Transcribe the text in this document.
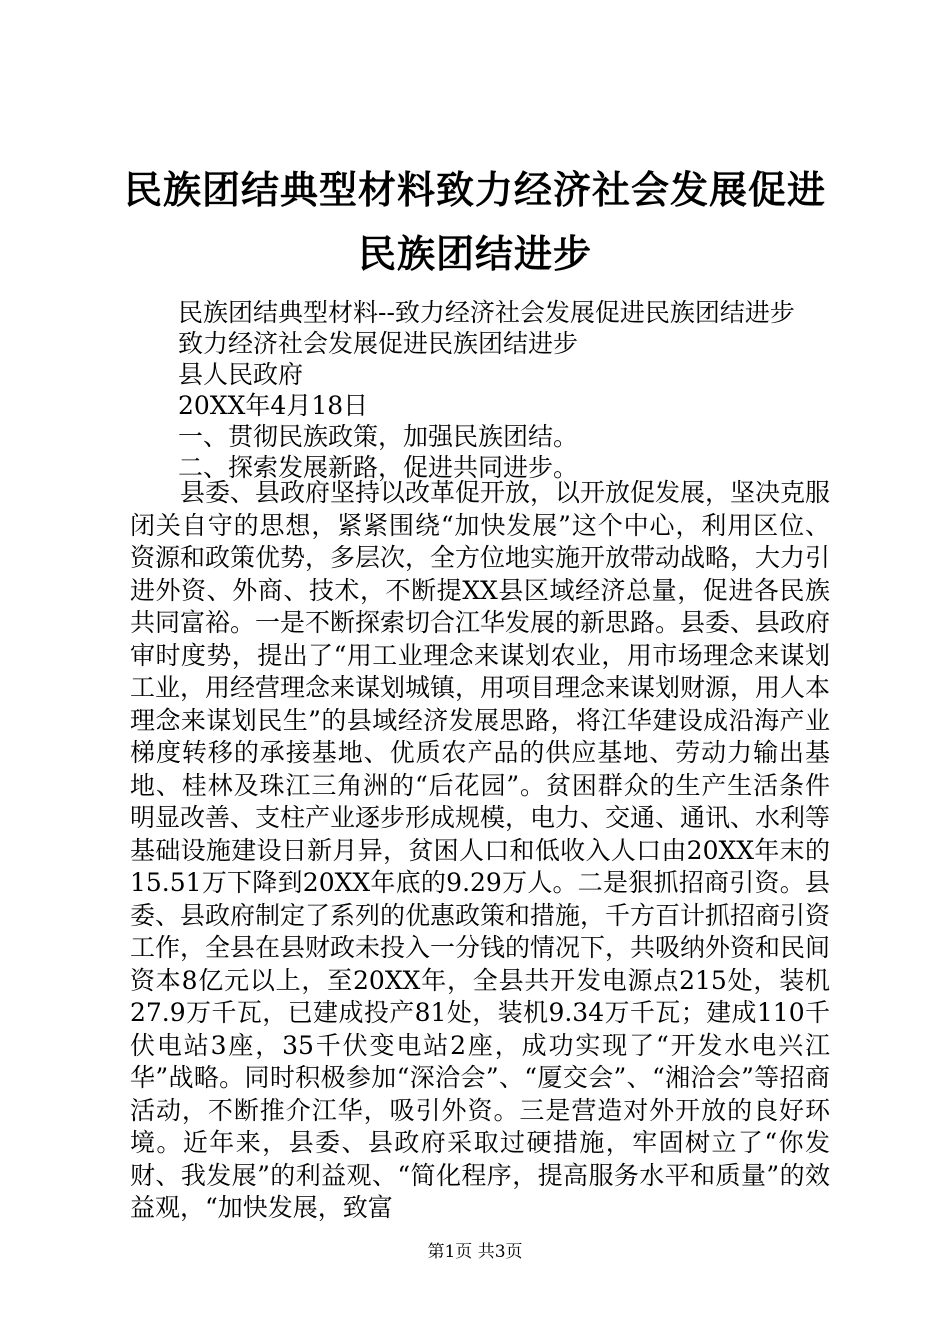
民族团结典型材料致力经济社会发展促进民族团结进步
民族团结典型材料--致力经济社会发展促进民族团结进步
致力经济社会发展促进民族团结进步
县人民政府
20XX年4月18日
一、贯彻民族政策，加强民族团结。
二、探索发展新路，促进共同进步。

县委、县政府坚持以改革促开放，以开放促发展，坚决克服闭关自守的思想，紧紧围绕“加快发展”这个中心，利用区位、资源和政策优势，多层次，全方位地实施开放带动战略，大力引进外资、外商、技术，不断提XX县区域经济总量，促进各民族共同富裕。一是不断探索切合江华发展的新思路。县委、县政府审时度势，提出了“用工业理念来谋划农业，用市场理念来谋划工业，用经营理念来谋划城镇，用项目理念来谋划财源，用人本理念来谋划民生”的县域经济发展思路，将江华建设成沿海产业梯度转移的承接基地、优质农产品的供应基地、劳动力输出基地、桂林及珠江三角洲的“后花园”。贫困群众的生产生活条件明显改善、支柱产业逐步形成规模，电力、交通、通讯、水利等基础设施建设日新月异，贫困人口和低收入人口由20XX年末的15.51万下降到20XX年底的9.29万人。二是狠抓招商引资。县委、县政府制定了系列的优惠政策和措施，千方百计抓招商引资工作，全县在县财政未投入一分钱的情况下，共吸纳外资和民间资本8亿元以上，至20XX年，全县共开发电源点215处，装机27.9万千瓦，已建成投产81处，装机9.34万千瓦；建成110千伏电站3座，35千伏变电站2座，成功实现了“开发水电兴江华”战略。同时积极参加“深洽会”、“厦交会”、“湘洽会”等招商活动，不断推介江华，吸引外资。三是营造对外开放的良好环境。近年来，县委、县政府采取过硬措施，牢固树立了“你发财、我发展”的利益观、“简化程序，提高服务水平和质量”的效益观，“加快发展，致富

第1页 共3页
